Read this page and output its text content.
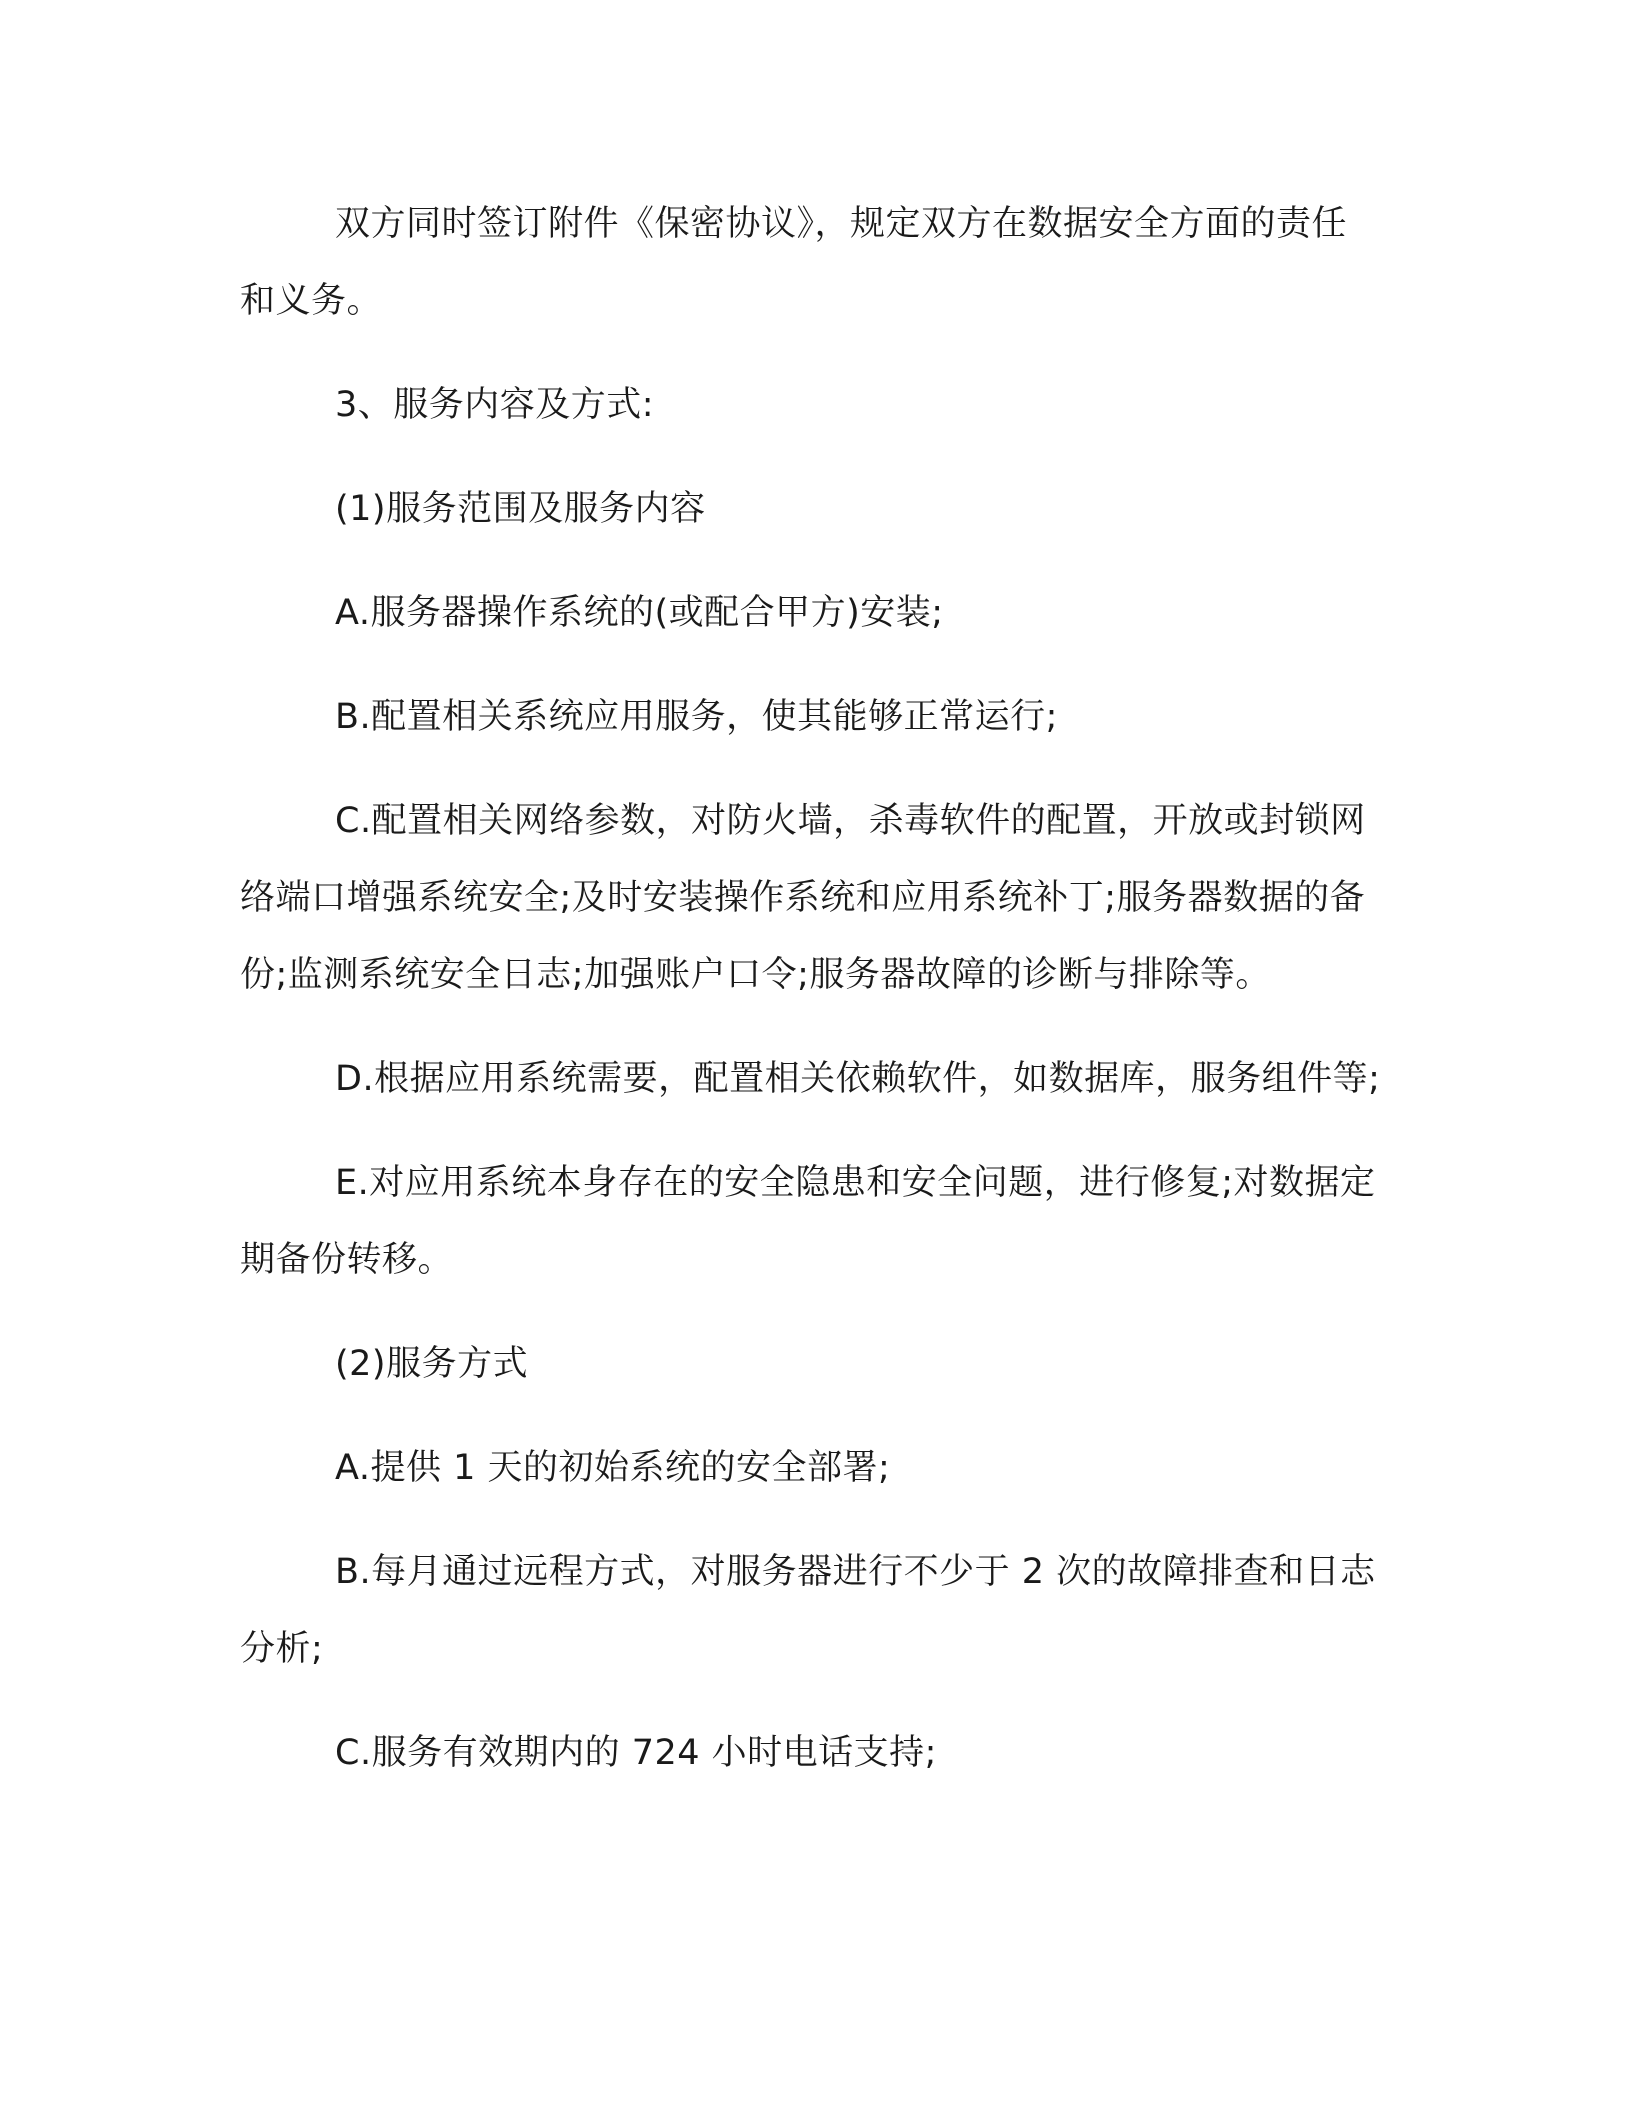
双方同时签订附件《保密协议》，规定双方在数据安全方面的责任和义务。

3、服务内容及方式:

(1)服务范围及服务内容

A.服务器操作系统的(或配合甲方)安装;

B.配置相关系统应用服务，使其能够正常运行;

C.配置相关网络参数，对防火墙，杀毒软件的配置，开放或封锁网络端口增强系统安全;及时安装操作系统和应用系统补丁;服务器数据的备份;监测系统安全日志;加强账户口令;服务器故障的诊断与排除等。

D.根据应用系统需要，配置相关依赖软件，如数据库，服务组件等;

E.对应用系统本身存在的安全隐患和安全问题，进行修复;对数据定期备份转移。

(2)服务方式

A.提供 1 天的初始系统的安全部署;

B.每月通过远程方式，对服务器进行不少于 2 次的故障排查和日志分析;

C.服务有效期内的 724 小时电话支持;
